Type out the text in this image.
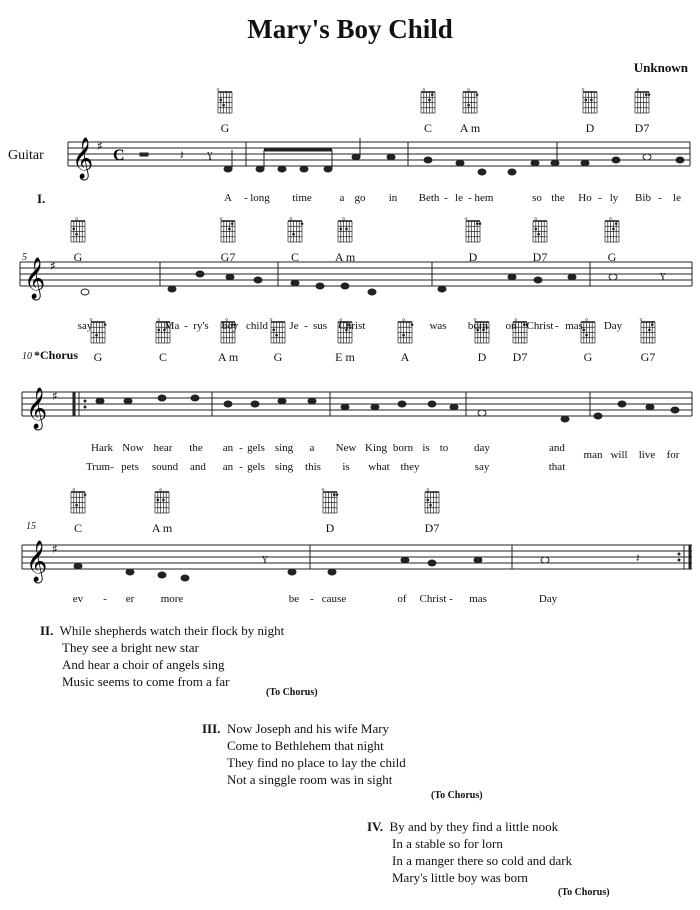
Mary's Boy Child
Unknown
Guitar
I.
5
10 *Chorus
15
𝄞 ♯
C	𝄽 ɣ
𝄞 ♯
ɣ
𝄞 ♯
𝄞 ♯
ɣ	𝄽
G	C A m	D	D7
G	G7	C	A m	D	D7	G
G	C	A m	G	E m	A	D D7	G	G7
C	A m	D	D7
A - long time	a go in Beth - le - hem	so the Ho - ly Bib - le
say	Ma - ry's boy child Je - sus Christ	was born on Christ - mas Day
Hark Now hear the an - gels sing a New King born is to day	and
man will live for
Trum - pets sound and an - gels sing this is what they	say	that
ev - er more	be - cause	of Christ - mas	Day
II. While shepherds watch their flock by night
They see a bright new star
And hear a choir of angels sing
Music seems to come from a far
(To Chorus)
III. Now Joseph and his wife Mary
Come to Bethlehem that night
They find no place to lay the child
Not a singgle room was in sight
(To Chorus)
IV. By and by they find a little nook
In a stable so for lorn
In a manger there so cold and dark
Mary's little boy was born
(To Chorus)
